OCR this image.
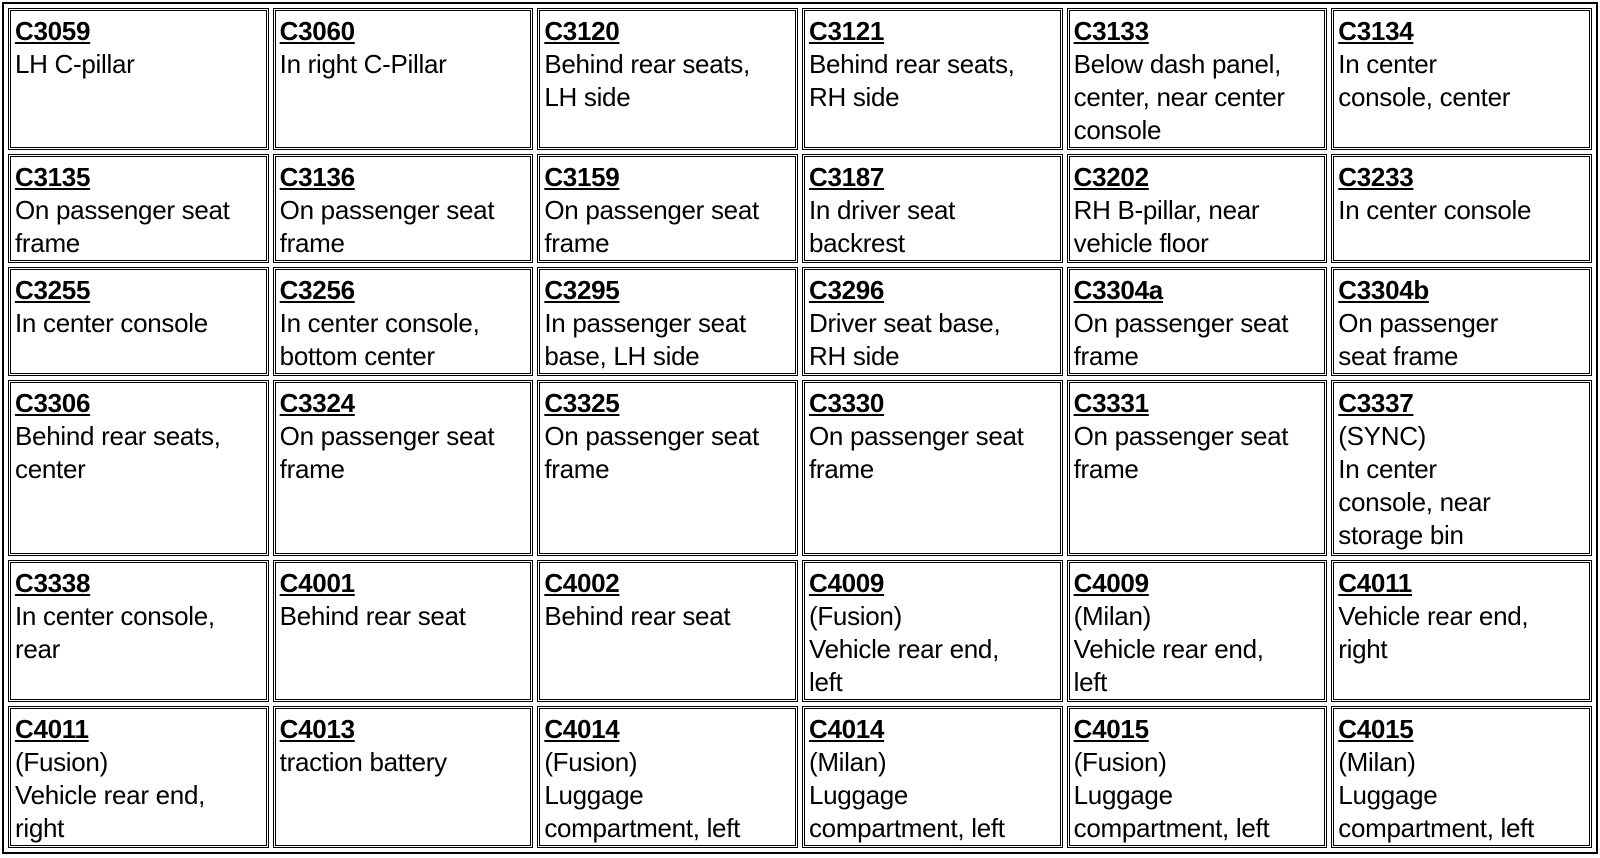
C3059
LH C-pillar	C3060
In right C-Pillar	C3120
Behind rear seats,
LH side	C3121
Behind rear seats,
RH side	C3133
Below dash panel,
center, near center
console	C3134
In center
console, center

C3135
On passenger seat
frame	C3136
On passenger seat
frame	C3159
On passenger seat
frame	C3187
In driver seat
backrest	C3202
RH B-pillar, near
vehicle floor	C3233
In center console

C3255
In center console	C3256
In center console,
bottom center	C3295
In passenger seat
base, LH side	C3296
Driver seat base,
RH side	C3304a
On passenger seat
frame	C3304b
On passenger
seat frame

C3306
Behind rear seats,
center	C3324
On passenger seat
frame	C3325
On passenger seat
frame	C3330
On passenger seat
frame	C3331
On passenger seat
frame	C3337
(SYNC)
In center
console, near
storage bin

C3338
In center console,
rear	C4001
Behind rear seat	C4002
Behind rear seat	C4009
(Fusion)
Vehicle rear end,
left	C4009
(Milan)
Vehicle rear end,
left	C4011
Vehicle rear end,
right

C4011
(Fusion)
Vehicle rear end,
right	C4013
traction battery	C4014
(Fusion)
Luggage
compartment, left	C4014
(Milan)
Luggage
compartment, left	C4015
(Fusion)
Luggage
compartment, left	C4015
(Milan)
Luggage
compartment, left
